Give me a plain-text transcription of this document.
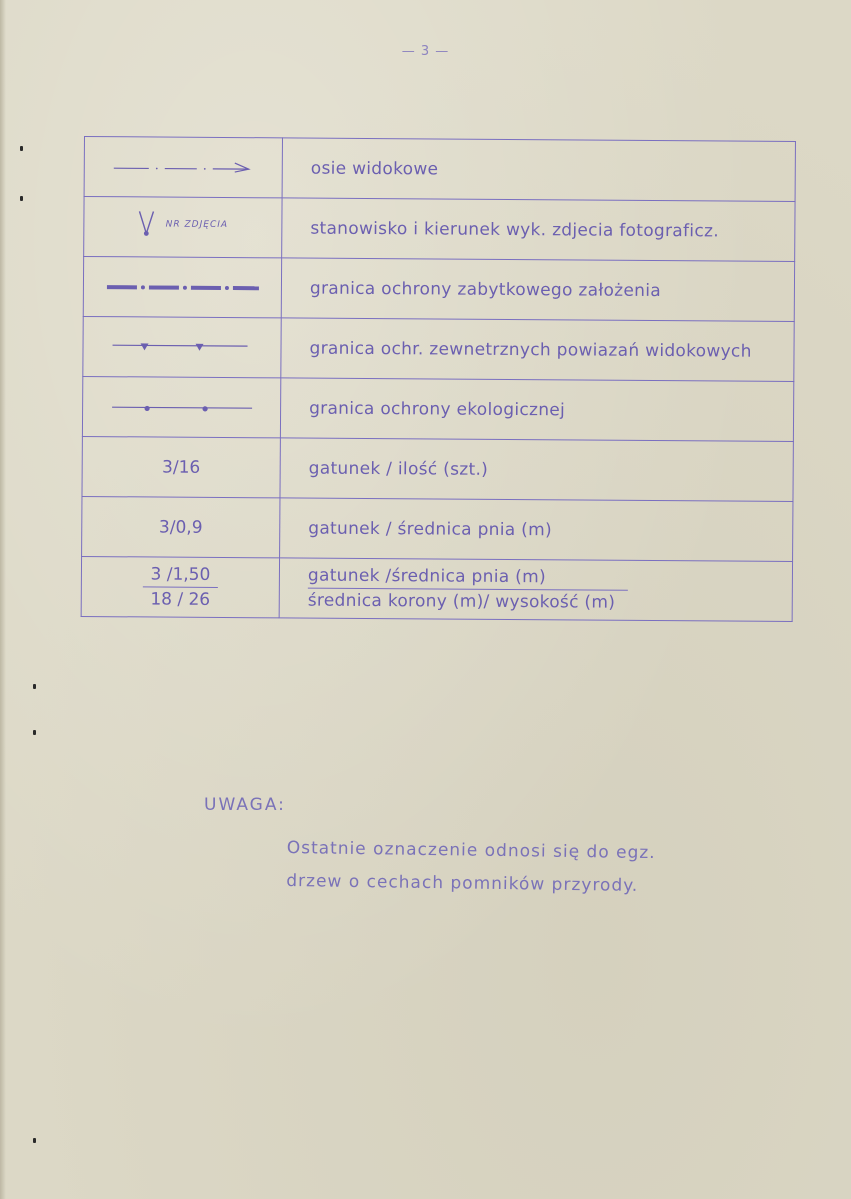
— 3 —
	osie widokowe

NR ZDJĘCIA	stanowisko i kierunek wyk. zdjecia fotograficz.

	granica ochrony zabytkowego założenia

	granica ochr. zewnetrznych powiazań widokowych

	granica ochrony ekologicznej
3/16	gatunek / ilość (szt.)
3/0,9	gatunek / średnica pnia (m)

$\frac{3 /1,50}{18 / 26}$	gatunek /średnica pnia (m)
średnica korony (m)/ wysokość (m)
UWAGA:
Ostatnie oznaczenie odnosi się do egz.
drzew o cechach pomników przyrody.
